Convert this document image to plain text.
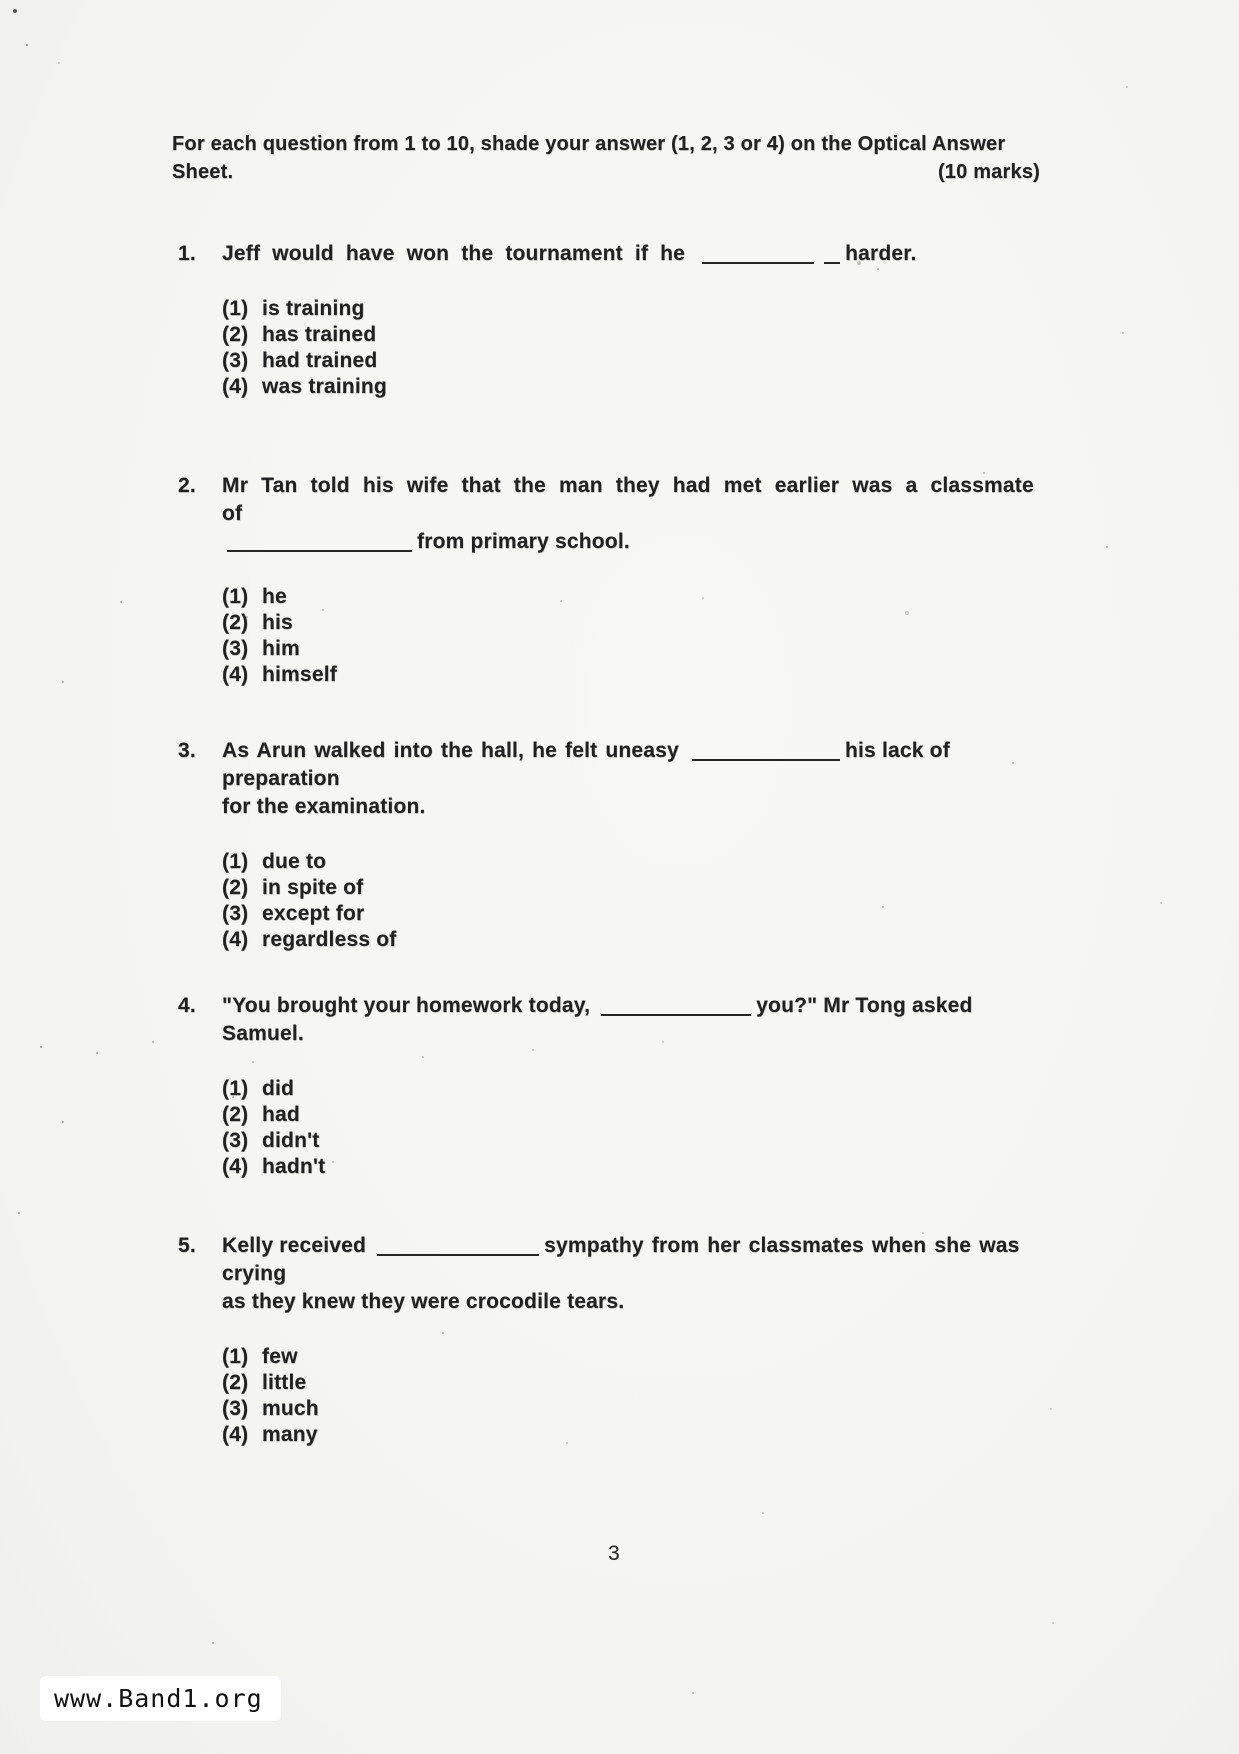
For each question from 1 to 10, shade your answer (1, 2, 3 or 4) on the Optical Answer
Sheet.	(10 marks)
1. Jeff would have won the tournament if he	harder.
(1) is training
(2) has trained
(3) had trained
(4) was training
2. Mr Tan told his wife that the man they had met earlier was a classmate of
from primary school.
(1) he
(2) his
(3) him
(4) himself
3. As Arun walked into the hall, he felt uneasy	his lack of preparation
for the examination.
(1) due to
(2) in spite of
(3) except for
(4) regardless of
4. "You brought your homework today,	you?" Mr Tong asked Samuel.
(1) did
(2) had
(3) didn't
(4) hadn't
5. Kelly received	sympathy from her classmates when she was crying
as they knew they were crocodile tears.
(1) few
(2) little
(3) much
(4) many
3
www.Band1.org
